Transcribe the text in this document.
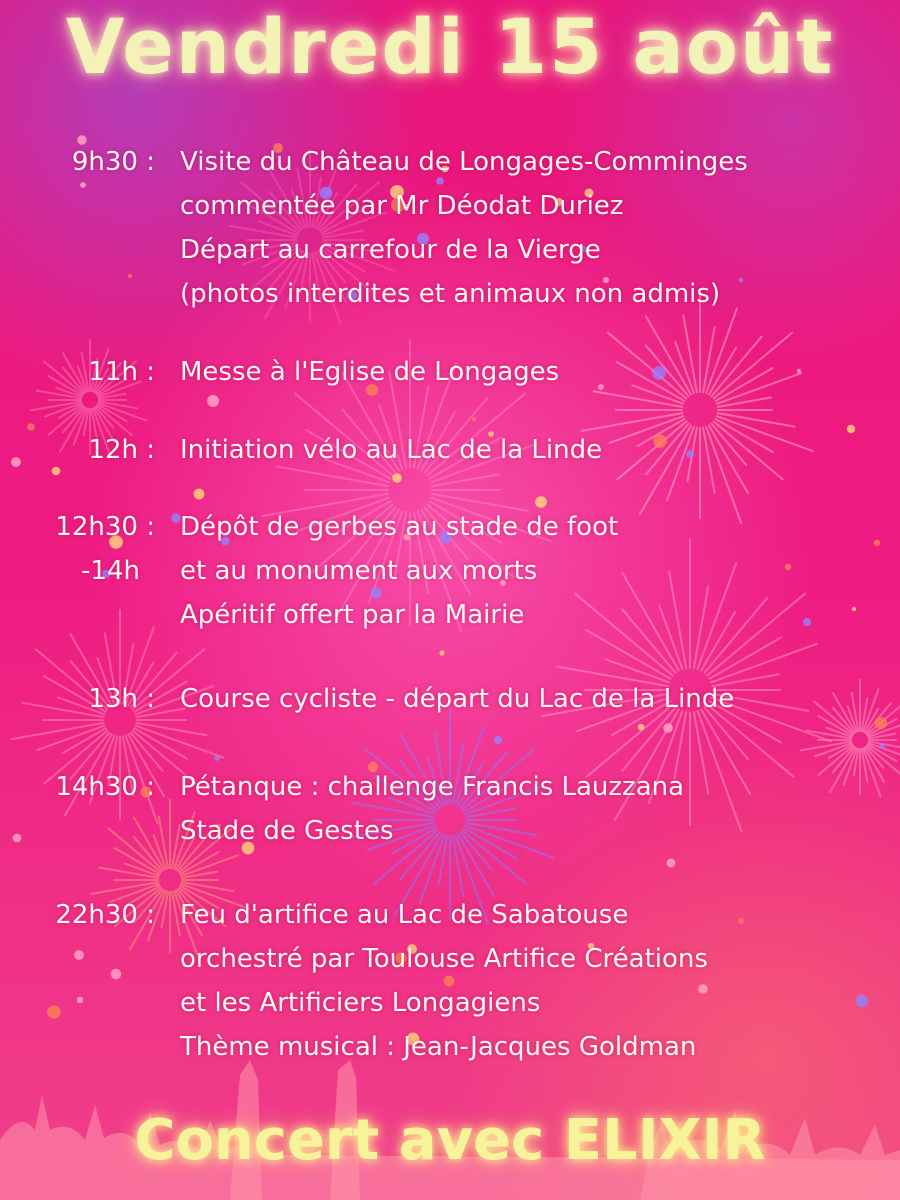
Vendredi 15 août
9h30 : Visite du Château de Longages-Comminges
commentée par Mr Déodat Duriez
Départ au carrefour de la Vierge
(photos interdites et animaux non admis)
11h : Messe à l'Eglise de Longages
12h : Initiation vélo au Lac de la Linde
12h30 :
-14h
Dépôt de gerbes au stade de foot
et au monument aux morts
Apéritif offert par la Mairie
13h : Course cycliste - départ du Lac de la Linde
14h30 : Pétanque : challenge Francis Lauzzana
Stade de Gestes
22h30 : Feu d'artifice au Lac de Sabatouse
orchestré par Toulouse Artifice Créations
et les Artificiers Longagiens
Thème musical : Jean-Jacques Goldman

Concert avec ELIXIR
